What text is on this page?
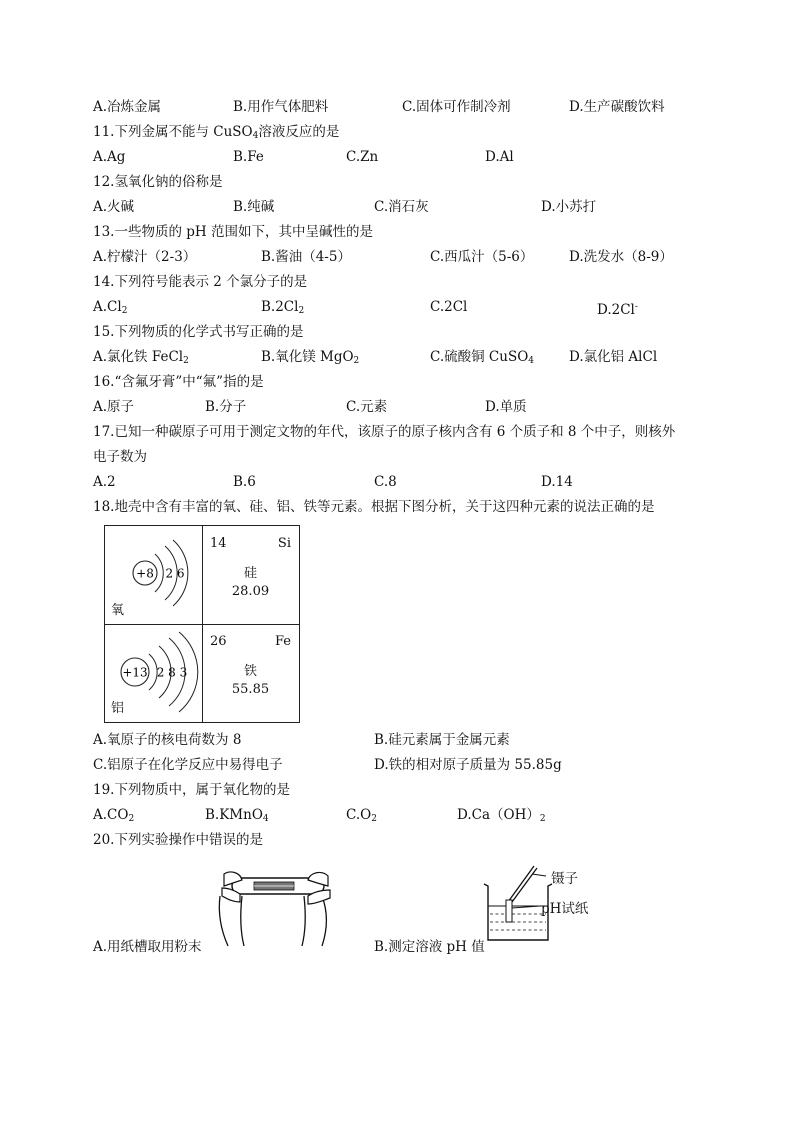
A.冶炼金属	B.用作气体肥料	C.固体可作制冷剂	D.生产碳酸饮料
11.下列金属不能与 CuSO$_4$溶液反应的是
A.Ag	B.Fe	C.Zn	D.Al
12.氢氧化钠的俗称是
A.火碱	B.纯碱	C.消石灰	D.小苏打
13.一些物质的 pH 范围如下，其中呈碱性的是
A.柠檬汁（2-3）	B.酱油（4-5）	C.西瓜汁（5-6）	D.洗发水（8-9）
14.下列符号能表示 2 个氯分子的是
$A.Cl_2$	$B.2Cl_2$	C.2Cl	D.2Cl-
15.下列物质的化学式书写正确的是
A.氯化铁 FeCl$_2$	B.氧化镁 MgO$_2$	C.硫酸铜 CuSO$_4$	D.氯化铝 AlCl
16.“含氟牙膏”中“氟”指的是
A.原子	B.分子	C.元素	D.单质
17.已知一种碳原子可用于测定文物的年代，该原子的原子核内含有 6 个质子和 8 个中子，则核外
电子数为
A.2	B.6	C.8	D.14
18.地壳中含有丰富的氧、硅、铝、铁等元素。根据下图分析，关于这四种元素的说法正确的是
+8 2 6
氧
14	Si
硅
28.09
+13 2 8 3
铝
26	Fe
铁
55.85
A.氧原子的核电荷数为 8	B.硅元素属于金属元素
C.铝原子在化学反应中易得电子	D.铁的相对原子质量为 55.85g
19.下列物质中，属于氧化物的是
$A.CO_2$	B.KMnO$_4$	$C.O_2$	$D.Ca(OH)_2$
20.下列实验操作中错误的是
镊子
pH试纸
A.用纸槽取用粉末	B.测定溶液 pH 值
